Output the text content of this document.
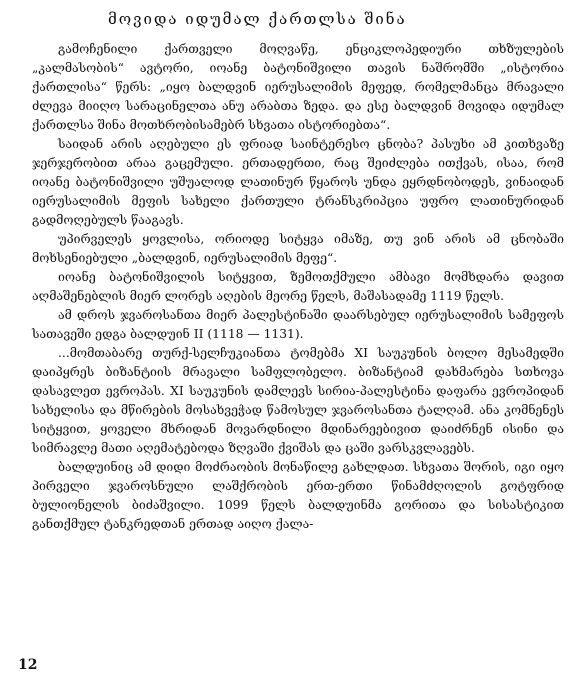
მოვიდა იდუმალ ქართლსა შინა

გამოჩენილი ქართველი მოღვაწე, ენციკლოპედიური თხზულების „კალმასობის“ ავტორი, იოანე ბატონიშვილი თავის ნაშრომში „ისტორია ქართლისა“ წერს: „იყო ბალდვინ იერუსალიმის მეფედ, რომელმანცა მრავალი ძლევა მიიღო სარაცინელთა ანუ არაბთა ზედა. და ესე ბალდვინ მოვიდა იდუმალ ქართლსა შინა მოთხრობისამებრ სხვათა ისტორიებთა“.

საიდან არის აღებული ეს ფრიად საინტერესო ცნობა? პასუხი ამ კითხვაზე ჯერჯერობით არაა გაცემული. ერთადერთი, რაც შეიძლება ითქვას, ისაა, რომ იოანე ბატონიშვილი უშუალოდ ლათინურ წყაროს უნდა ეყრდნობოდეს, ვინაიდან იერუსალიმის მეფის სახელი ქართული ტრანსკრიპცია უფრო ლათინურიდან გადმოღებულს წააგავს.

უპირველეს ყოვლისა, ორიოდე სიტყვა იმაზე, თუ ვინ არის ამ ცნობაში მოხსენიებული „ბალდვინ, იერუსალიმის მეფე“.

იოანე ბატონიშვილის სიტყვით, ზემოთქმული ამბავი მომხდარა დავით აღმაშენებლის მიერ ლორეს აღების მეორე წელს, მაშასადამე 1119 წელს.

ამ დროს ჯვაროსანთა მიერ პალესტინაში დაარსებულ იერუსალიმის სამეფოს სათავეში ედგა ბალდუინ II (1118 — 1131).

...მომთაბარე თურქ-სელჩუკიანთა ტომებმა XI საუკუნის ბოლო მესამედში დაიპყრეს ბიზანტიის მრავალი სამფლობელო. ბიზანტიამ დახმარება სთხოვა დასავლეთ ევროპას. XI საუკუნის დამლევს სირია-პალესტინა დაფარა ევროპიდან სახელისა და მწირების მოსახვეჭად წამოსულ ჯვაროსანთა ტალღამ. ანა კომნენეს სიტყვით, ყოველი მხრიდან მოვარდნილი მდინარეებივით დაიძრნენ ისინი და სიმრავლე მათი აღემატებოდა ზღვაში ქვიშას და ცაში ვარსკვლავებს.

ბალდუინიც ამ დიდი მოძრაობის მონაწილე გახლდათ. სხვათა შორის, იგი იყო პირველი ჯვაროსნული ლაშქრობის ერთ-ერთი წინამძღოლის გოტფრიდ ბულიონელის ბიძაშვილი. 1099 წელს ბალდუინმა გორითა და სისასტიკით განთქმულ ტანკრედთან ერთად აიღო ქალა-

12
